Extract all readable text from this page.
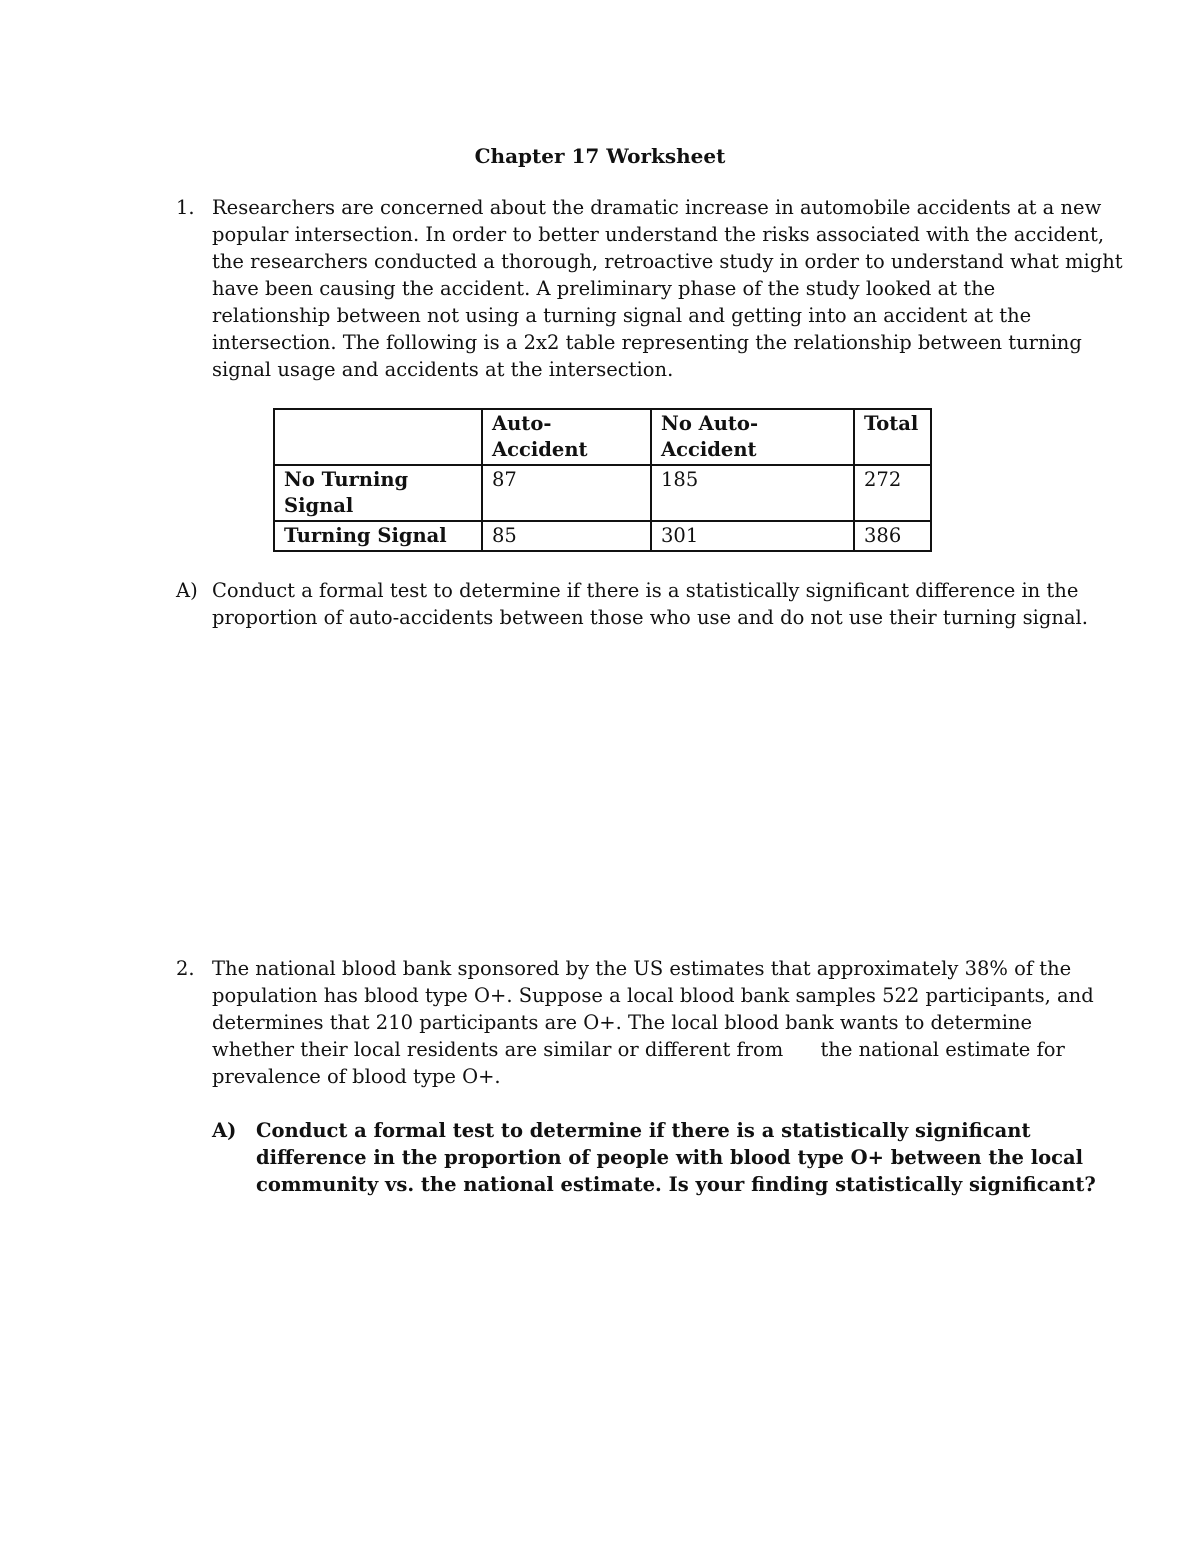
Chapter 17 Worksheet
1. Researchers are concerned about the dramatic increase in automobile accidents at a new
popular intersection. In order to better understand the risks associated with the accident,
the researchers conducted a thorough, retroactive study in order to understand what might
have been causing the accident. A preliminary phase of the study looked at the
relationship between not using a turning signal and getting into an accident at the
intersection. The following is a 2x2 table representing the relationship between turning
signal usage and accidents at the intersection.
	Auto-
Accident	No Auto-Accident	Total
No Turning Signal	87	185	272
Turning Signal	85	301	386
A) Conduct a formal test to determine if there is a statistically significant difference in the
proportion of auto-accidents between those who use and do not use their turning signal.
2. The national blood bank sponsored by the US estimates that approximately 38% of the
population has blood type O+. Suppose a local blood bank samples 522 participants, and
determines that 210 participants are O+. The local blood bank wants to determine
whether their local residents are similar or different from      the national estimate for
prevalence of blood type O+.
A) Conduct a formal test to determine if there is a statistically significant
difference in the proportion of people with blood type O+ between the local
community vs. the national estimate. Is your finding statistically significant?
